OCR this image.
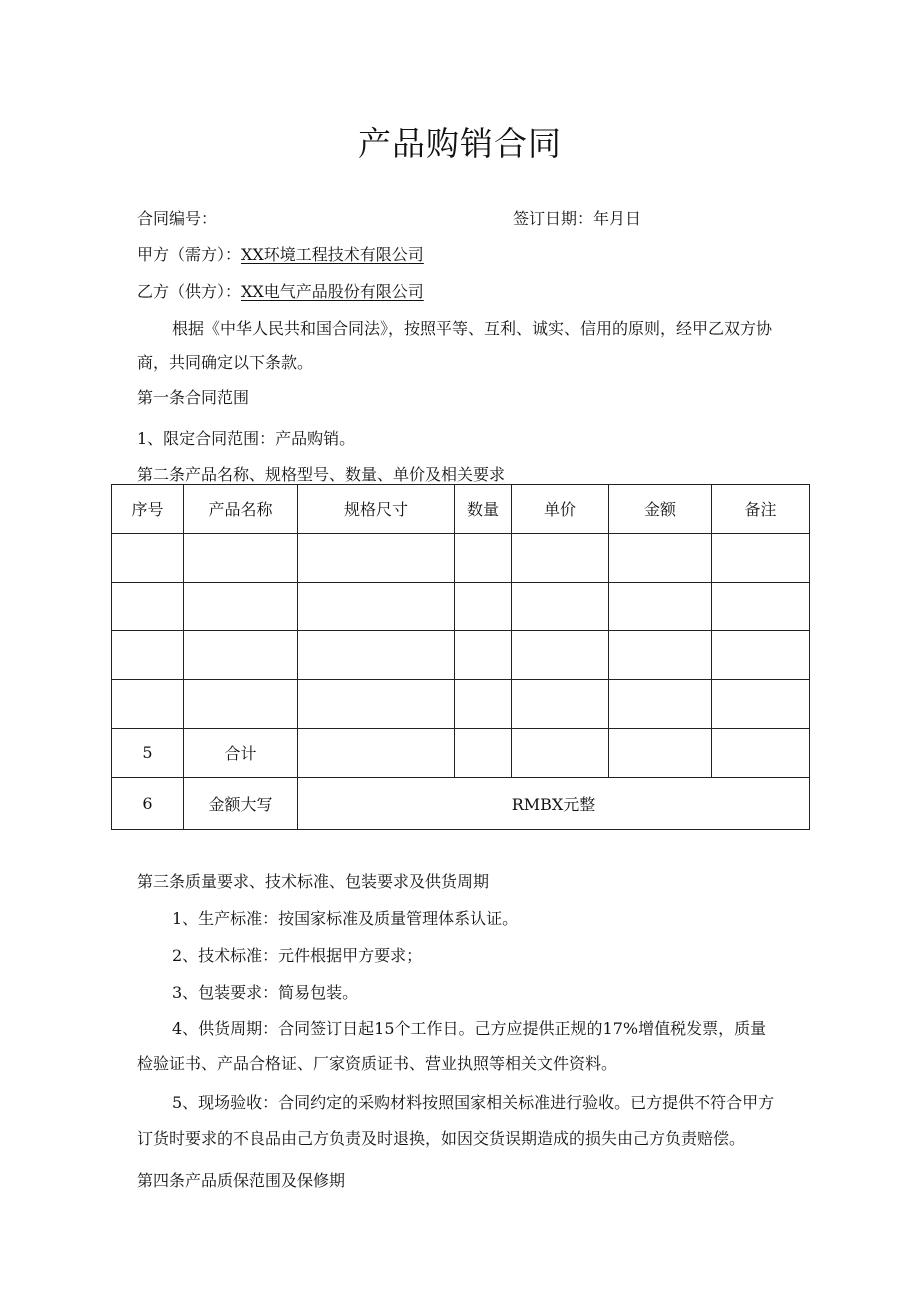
产品购销合同
合同编号：	签订日期：年月日
甲方（需方）：XX环境工程技术有限公司
乙方（供方）：XX电气产品股份有限公司
根据《中华人民共和国合同法》，按照平等、互利、诚实、信用的原则，经甲乙双方协
商，共同确定以下条款。
第一条合同范围
1、限定合同范围：产品购销。
第二条产品名称、规格型号、数量、单价及相关要求
序号	产品名称	规格尺寸	数量	单价	金额	备注

5	合计					
6	金额大写	RMBX元整				
第三条质量要求、技术标准、包装要求及供货周期
1、生产标准：按国家标准及质量管理体系认证。
2、技术标准：元件根据甲方要求；
3、包装要求：简易包装。
4、供货周期：合同签订日起15个工作日。己方应提供正规的17%增值税发票，质量
检验证书、产品合格证、厂家资质证书、营业执照等相关文件资料。
5、现场验收：合同约定的采购材料按照国家相关标准进行验收。已方提供不符合甲方
订货时要求的不良品由己方负责及时退换，如因交货误期造成的损失由己方负责赔偿。
第四条产品质保范围及保修期
